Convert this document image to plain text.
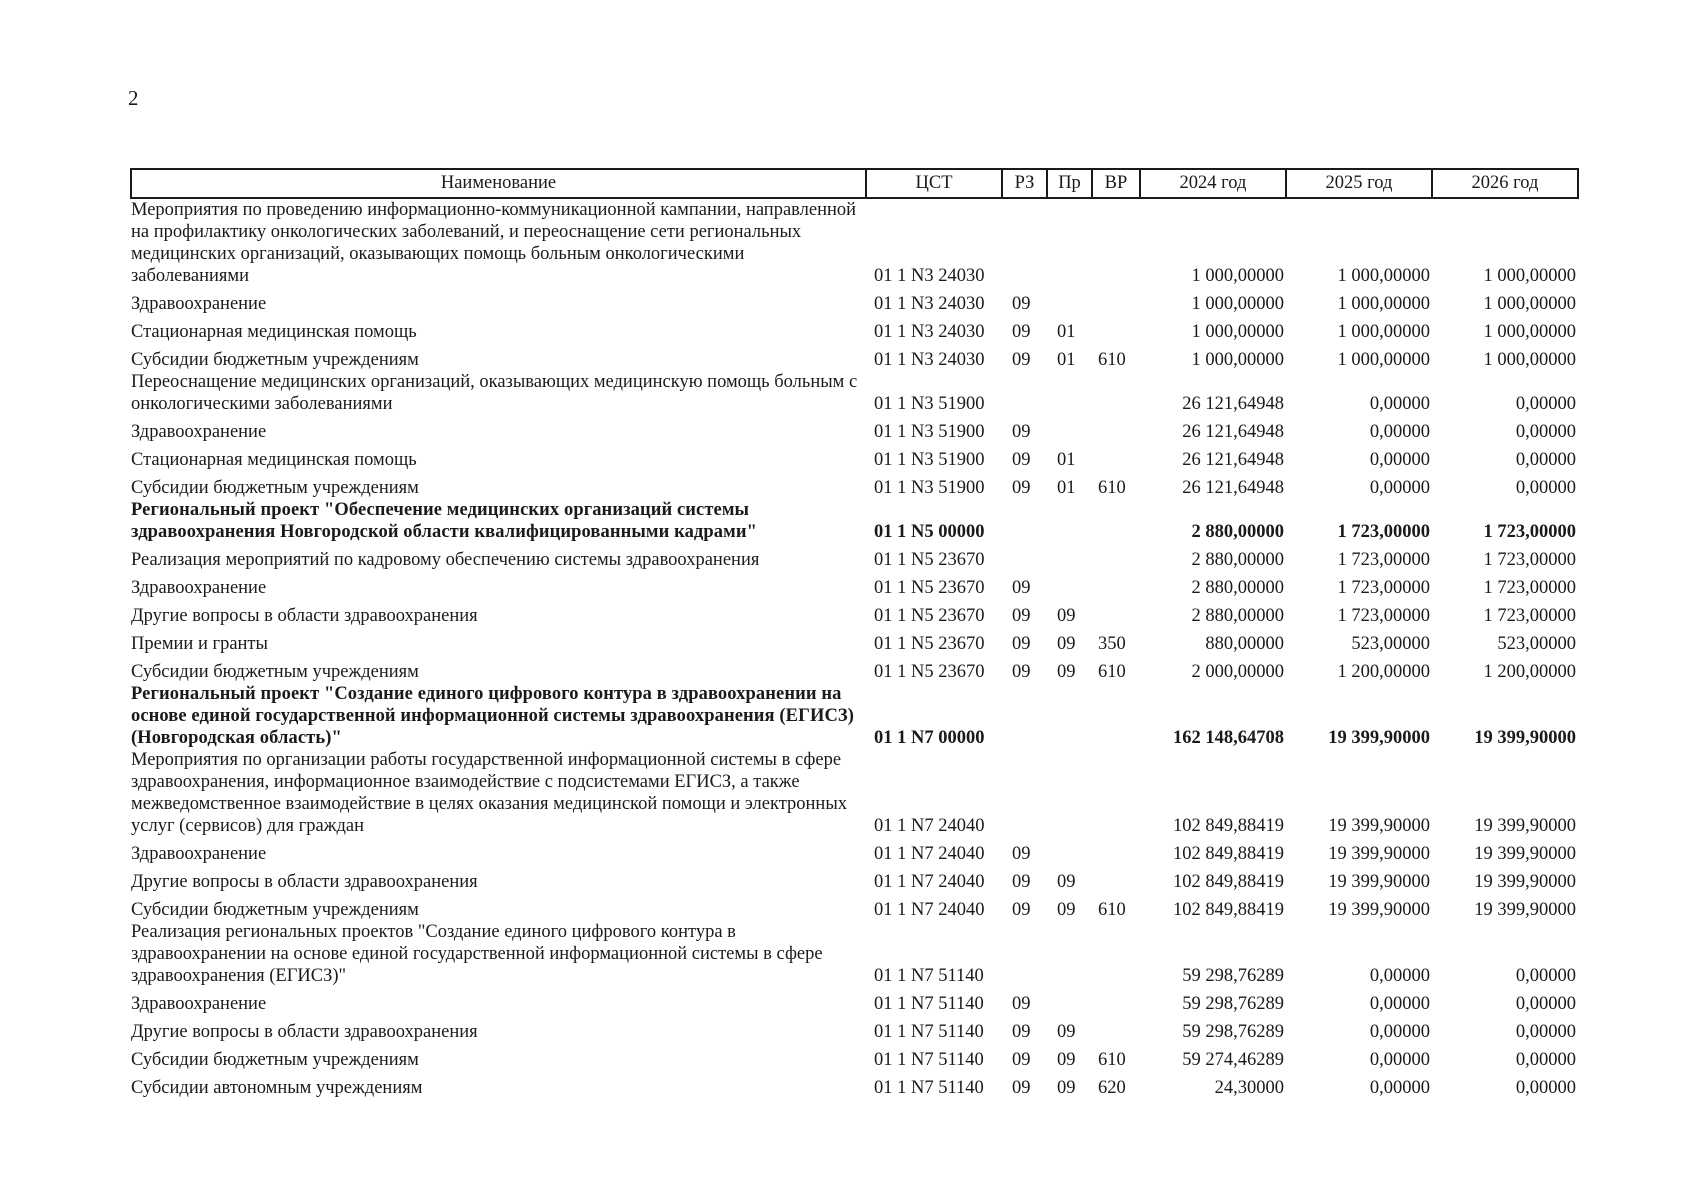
2
Наименование	ЦСТ	РЗ	Пр	ВР	2024 год	2025 год	2026 год
Мероприятия по проведению информационно-коммуникационной кампании, направленной на профилактику онкологических заболеваний, и переоснащение сети региональных медицинских организаций, оказывающих помощь больным онкологическими заболеваниями	01 1 N3 24030				1 000,00000	1 000,00000	1 000,00000
Здравоохранение	01 1 N3 24030	09			1 000,00000	1 000,00000	1 000,00000
Стационарная медицинская помощь	01 1 N3 24030	09	01		1 000,00000	1 000,00000	1 000,00000
Субсидии бюджетным учреждениям	01 1 N3 24030	09	01	610	1 000,00000	1 000,00000	1 000,00000
Переоснащение медицинских организаций, оказывающих медицинскую помощь больным с онкологическими заболеваниями	01 1 N3 51900				26 121,64948	0,00000	0,00000
Здравоохранение	01 1 N3 51900	09			26 121,64948	0,00000	0,00000
Стационарная медицинская помощь	01 1 N3 51900	09	01		26 121,64948	0,00000	0,00000
Субсидии бюджетным учреждениям	01 1 N3 51900	09	01	610	26 121,64948	0,00000	0,00000
Региональный проект "Обеспечение медицинских организаций системы здравоохранения Новгородской области квалифицированными кадрами"	01 1 N5 00000				2 880,00000	1 723,00000	1 723,00000
Реализация мероприятий по кадровому обеспечению системы здравоохранения	01 1 N5 23670				2 880,00000	1 723,00000	1 723,00000
Здравоохранение	01 1 N5 23670	09			2 880,00000	1 723,00000	1 723,00000
Другие вопросы в области здравоохранения	01 1 N5 23670	09	09		2 880,00000	1 723,00000	1 723,00000
Премии и гранты	01 1 N5 23670	09	09	350	880,00000	523,00000	523,00000
Субсидии бюджетным учреждениям	01 1 N5 23670	09	09	610	2 000,00000	1 200,00000	1 200,00000
Региональный проект "Создание единого цифрового контура в здравоохранении на основе единой государственной информационной системы здравоохранения (ЕГИСЗ) (Новгородская область)"	01 1 N7 00000				162 148,64708	19 399,90000	19 399,90000
Мероприятия по организации работы государственной информационной системы в сфере здравоохранения, информационное взаимодействие с подсистемами ЕГИСЗ, а также межведомственное взаимодействие в целях оказания медицинской помощи и электронных услуг (сервисов) для граждан	01 1 N7 24040				102 849,88419	19 399,90000	19 399,90000
Здравоохранение	01 1 N7 24040	09			102 849,88419	19 399,90000	19 399,90000
Другие вопросы в области здравоохранения	01 1 N7 24040	09	09		102 849,88419	19 399,90000	19 399,90000
Субсидии бюджетным учреждениям	01 1 N7 24040	09	09	610	102 849,88419	19 399,90000	19 399,90000
Реализация региональных проектов "Создание единого цифрового контура в здравоохранении на основе единой государственной информационной системы в сфере здравоохранения (ЕГИСЗ)"	01 1 N7 51140				59 298,76289	0,00000	0,00000
Здравоохранение	01 1 N7 51140	09			59 298,76289	0,00000	0,00000
Другие вопросы в области здравоохранения	01 1 N7 51140	09	09		59 298,76289	0,00000	0,00000
Субсидии бюджетным учреждениям	01 1 N7 51140	09	09	610	59 274,46289	0,00000	0,00000
Субсидии автономным учреждениям	01 1 N7 51140	09	09	620	24,30000	0,00000	0,00000
